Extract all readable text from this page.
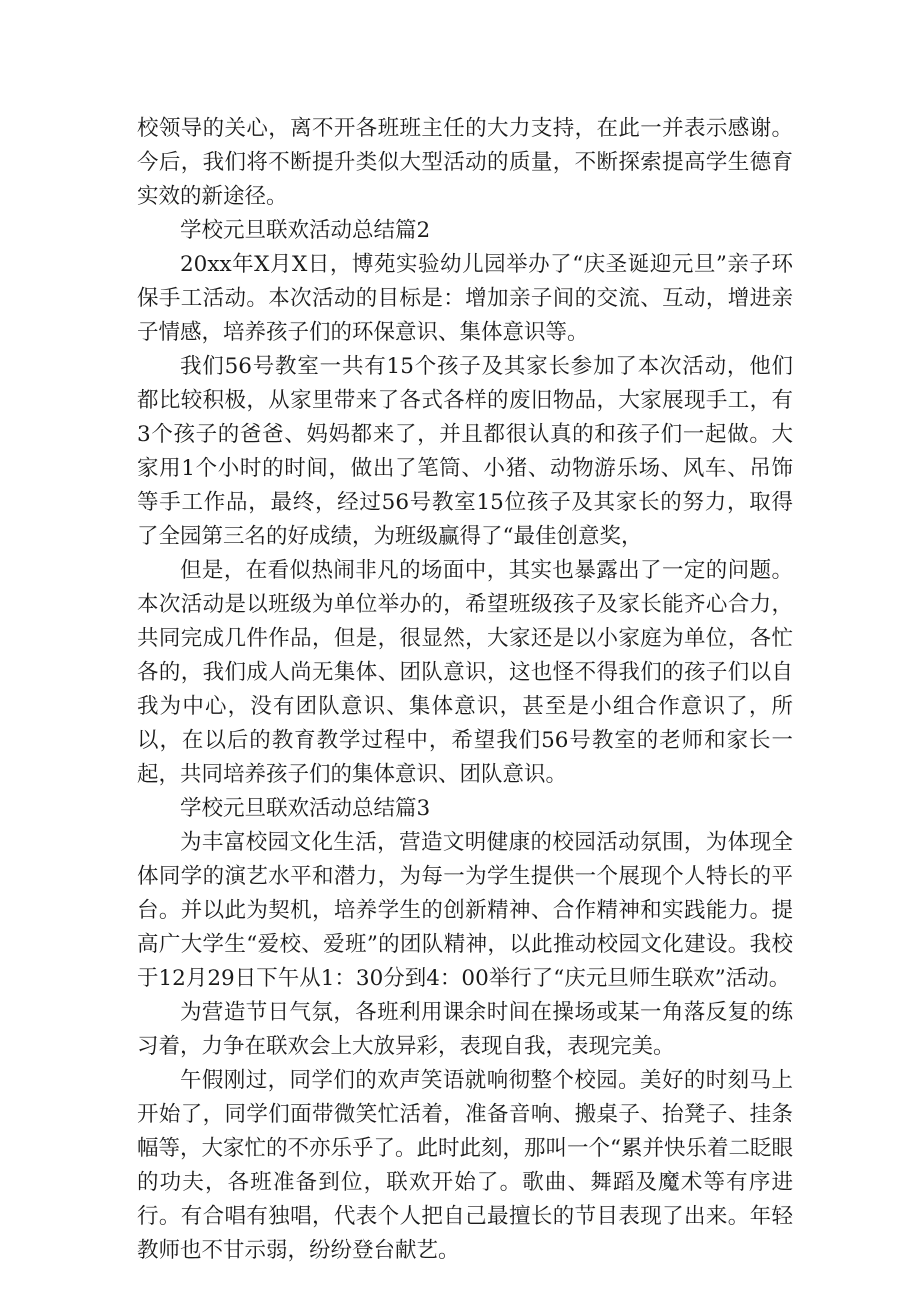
校领导的关心，离不开各班班主任的大力支持，在此一并表示感谢。今后，我们将不断提升类似大型活动的质量，不断探索提高学生德育实效的新途径。

学校元旦联欢活动总结篇2

20xx年X月X日，博苑实验幼儿园举办了“庆圣诞迎元旦”亲子环保手工活动。本次活动的目标是：增加亲子间的交流、互动，增进亲子情感，培养孩子们的环保意识、集体意识等。

我们56号教室一共有15个孩子及其家长参加了本次活动，他们都比较积极，从家里带来了各式各样的废旧物品，大家展现手工，有3个孩子的爸爸、妈妈都来了，并且都很认真的和孩子们一起做。大家用1个小时的时间，做出了笔筒、小猪、动物游乐场、风车、吊饰等手工作品，最终，经过56号教室15位孩子及其家长的努力，取得了全园第三名的好成绩，为班级赢得了“最佳创意奖，

但是，在看似热闹非凡的场面中，其实也暴露出了一定的问题。本次活动是以班级为单位举办的，希望班级孩子及家长能齐心合力，共同完成几件作品，但是，很显然，大家还是以小家庭为单位，各忙各的，我们成人尚无集体、团队意识，这也怪不得我们的孩子们以自我为中心，没有团队意识、集体意识，甚至是小组合作意识了，所以，在以后的教育教学过程中，希望我们56号教室的老师和家长一起，共同培养孩子们的集体意识、团队意识。

学校元旦联欢活动总结篇3

为丰富校园文化生活，营造文明健康的校园活动氛围，为体现全体同学的演艺水平和潜力，为每一为学生提供一个展现个人特长的平台。并以此为契机，培养学生的创新精神、合作精神和实践能力。提高广大学生“爱校、爱班”的团队精神，以此推动校园文化建设。我校于12月29日下午从1：30分到4：00举行了“庆元旦师生联欢”活动。

为营造节日气氛，各班利用课余时间在操场或某一角落反复的练习着，力争在联欢会上大放异彩，表现自我，表现完美。

午假刚过，同学们的欢声笑语就响彻整个校园。美好的时刻马上开始了，同学们面带微笑忙活着，准备音响、搬桌子、抬凳子、挂条幅等，大家忙的不亦乐乎了。此时此刻，那叫一个“累并快乐着二眨眼的功夫，各班准备到位，联欢开始了。歌曲、舞蹈及魔术等有序进行。有合唱有独唱，代表个人把自己最擅长的节目表现了出来。年轻教师也不甘示弱，纷纷登台献艺。
